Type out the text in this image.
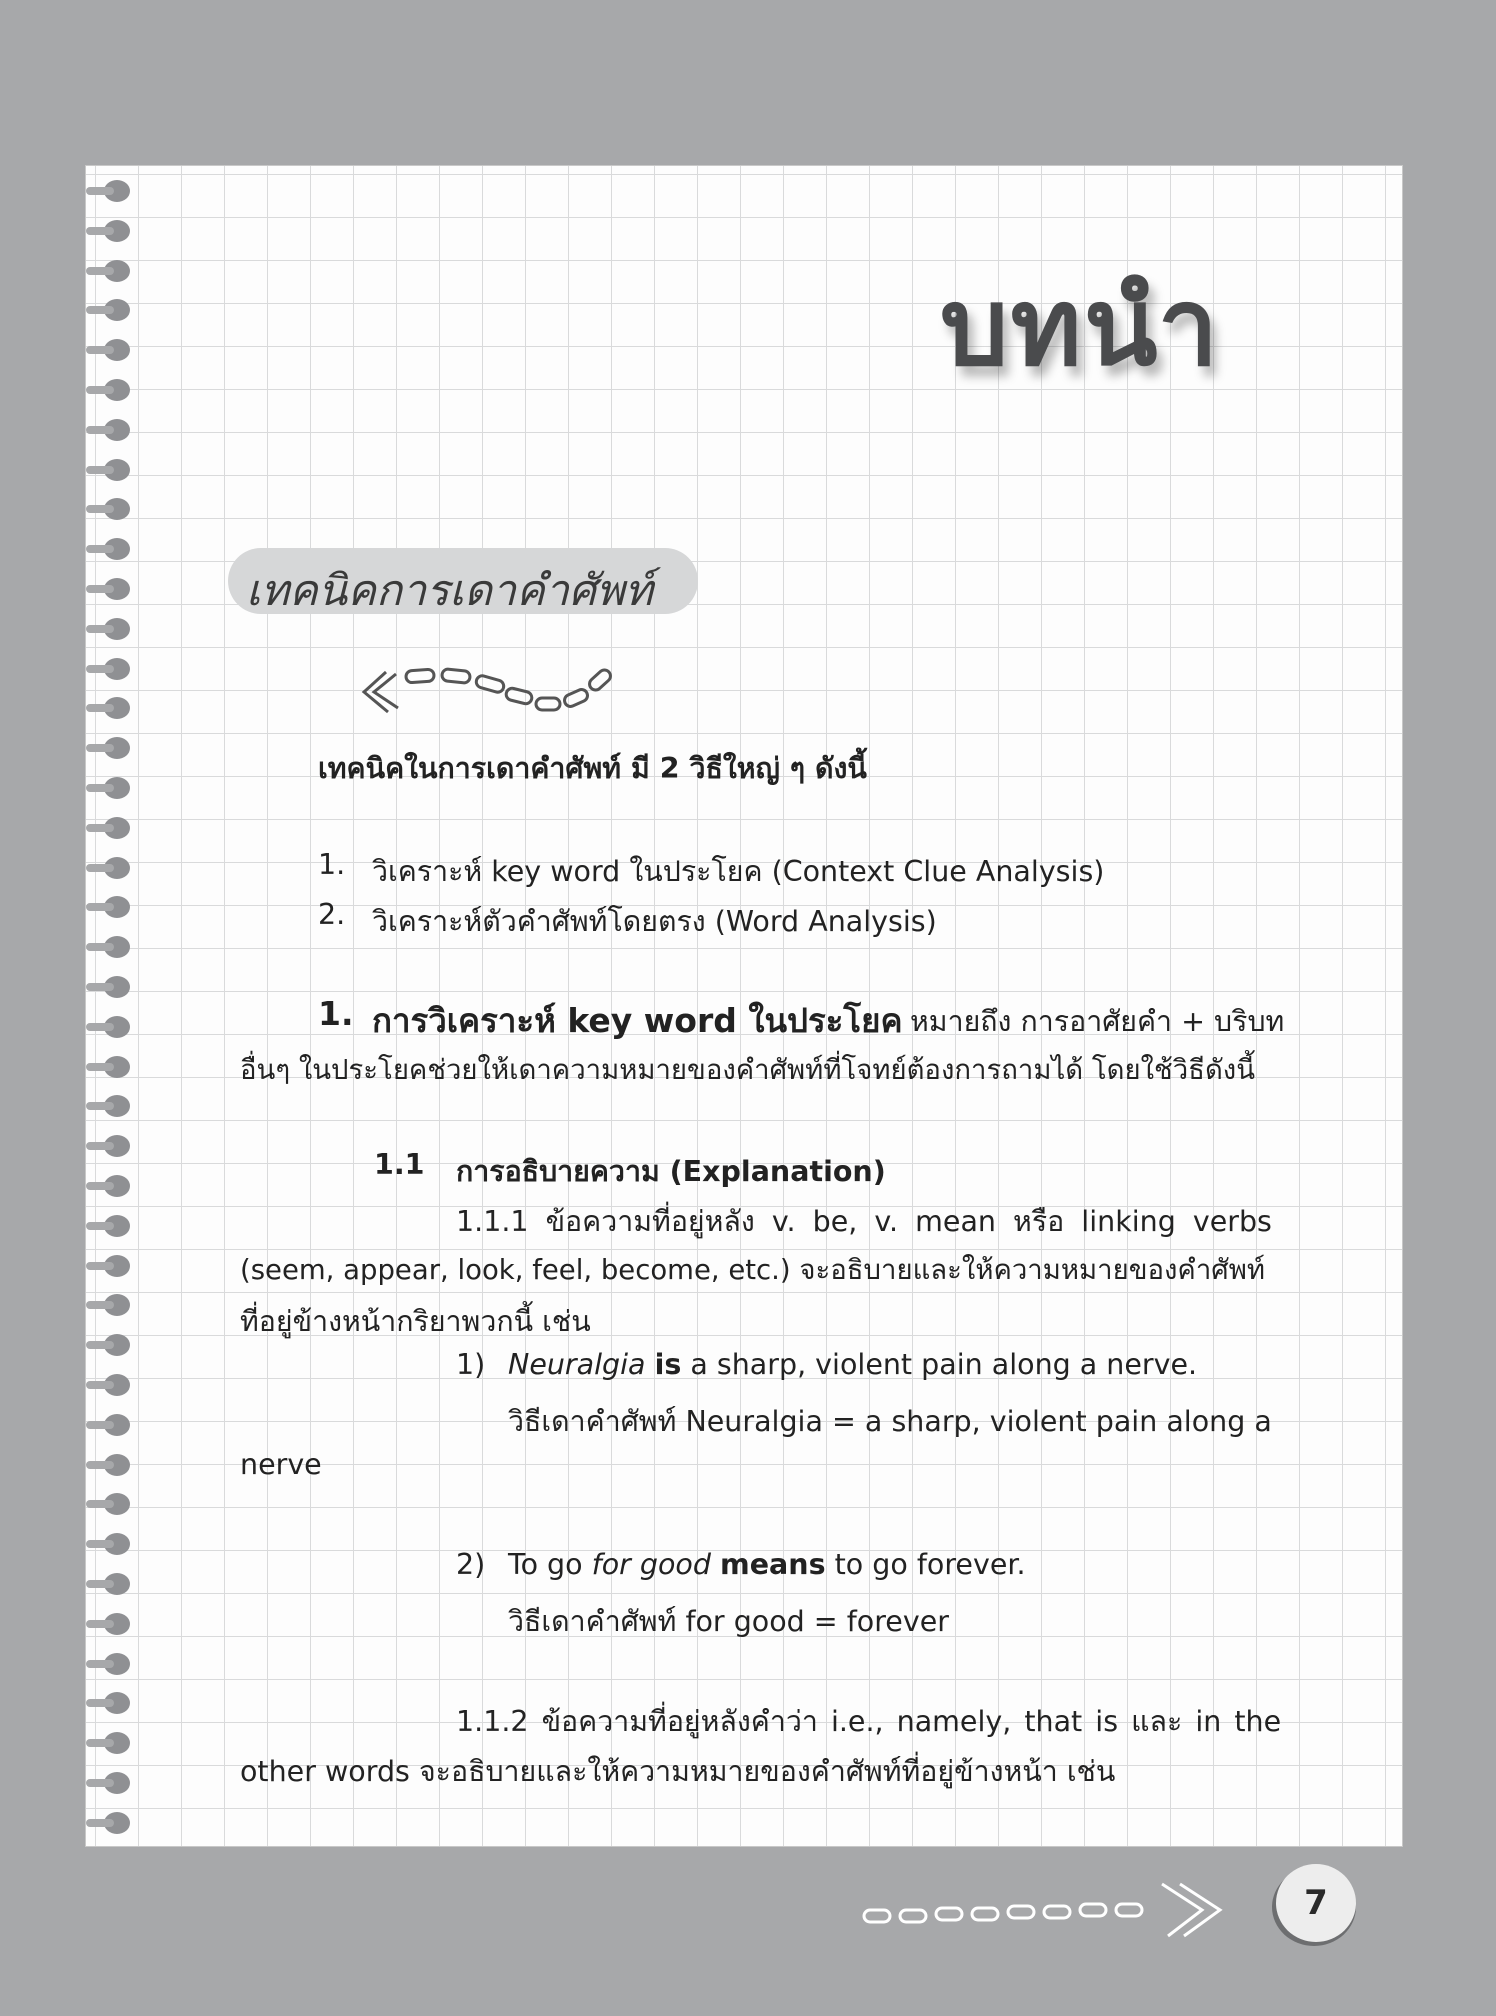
บทนำ
เทคนิคการเดาคำศัพท์
เทคนิคในการเดาคำศัพท์ มี 2 วิธีใหญ่ ๆ ดังนี้
1. วิเคราะห์ key word ในประโยค (Context Clue Analysis)
2. วิเคราะห์ตัวคำศัพท์โดยตรง (Word Analysis)
1. การวิเคราะห์ key word ในประโยค หมายถึง การอาศัยคำ + บริบท
อื่นๆ ในประโยคช่วยให้เดาความหมายของคำศัพท์ที่โจทย์ต้องการถามได้ โดยใช้วิธีดังนี้
1.1 การอธิบายความ (Explanation)
1.1.1 ข้อความที่อยู่หลัง v. be, v. mean หรือ linking verbs
(seem, appear, look, feel, become, etc.) จะอธิบายและให้ความหมายของคำศัพท์
ที่อยู่ข้างหน้ากริยาพวกนี้ เช่น
1) Neuralgia is a sharp, violent pain along a nerve.
วิธีเดาคำศัพท์ Neuralgia = a sharp, violent pain along a
nerve
2) To go for good means to go forever.
วิธีเดาคำศัพท์ for good = forever
1.1.2 ข้อความที่อยู่หลังคำว่า i.e., namely, that is และ in the
other words จะอธิบายและให้ความหมายของคำศัพท์ที่อยู่ข้างหน้า เช่น
7
